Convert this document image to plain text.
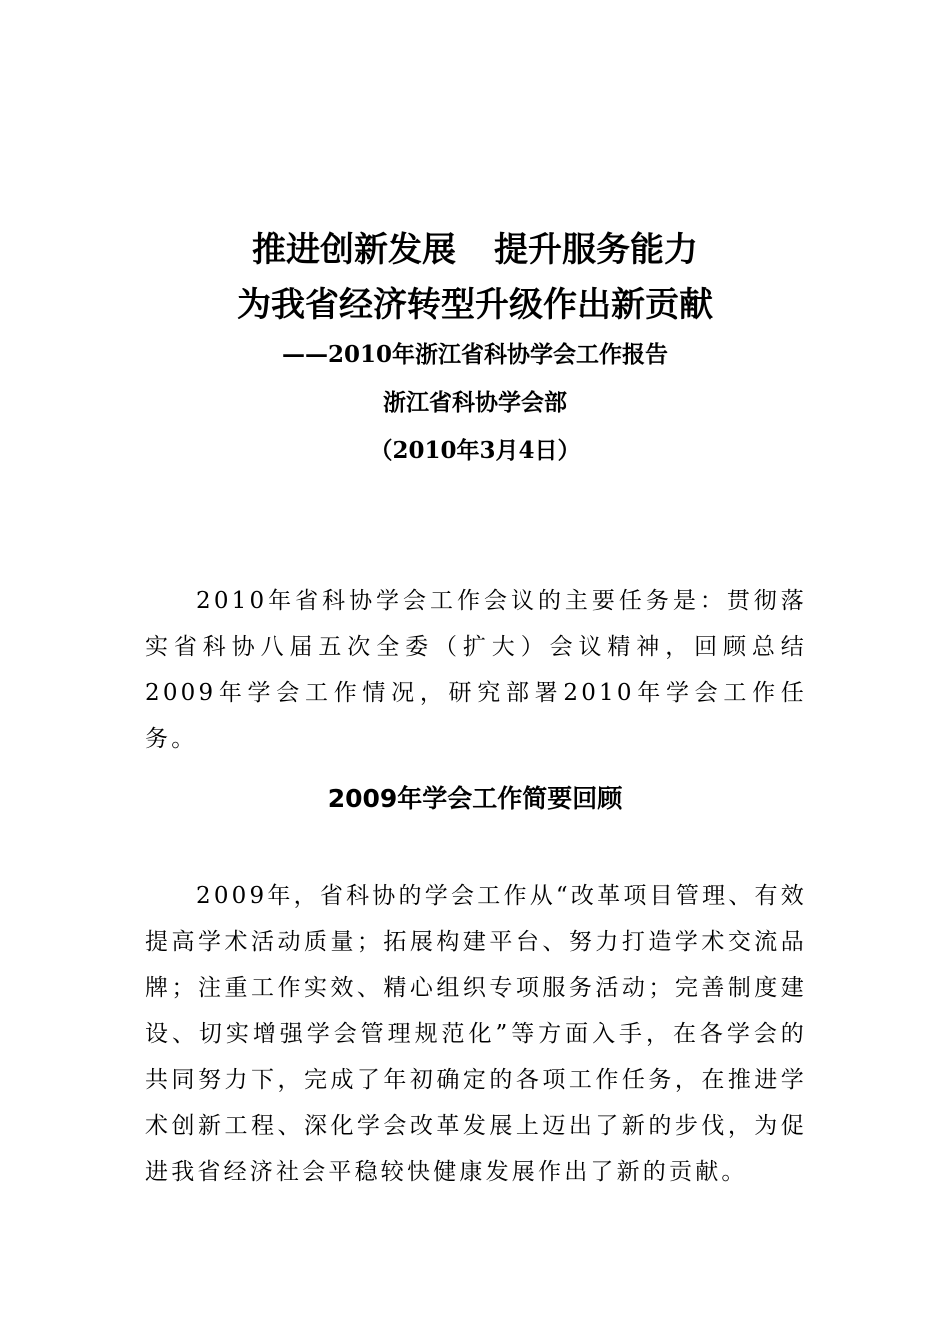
推进创新发展 提升服务能力
为我省经济转型升级作出新贡献
——2010年浙江省科协学会工作报告
浙江省科协学会部
（2010年3月4日）

2010年省科协学会工作会议的主要任务是：贯彻落实省科协八届五次全委（扩大）会议精神，回顾总结2009年学会工作情况，研究部署2010年学会工作任务。

2009年学会工作简要回顾

2009年，省科协的学会工作从“改革项目管理、有效提高学术活动质量；拓展构建平台、努力打造学术交流品牌；注重工作实效、精心组织专项服务活动；完善制度建设、切实增强学会管理规范化”等方面入手，在各学会的共同努力下，完成了年初确定的各项工作任务，在推进学术创新工程、深化学会改革发展上迈出了新的步伐，为促进我省经济社会平稳较快健康发展作出了新的贡献。
